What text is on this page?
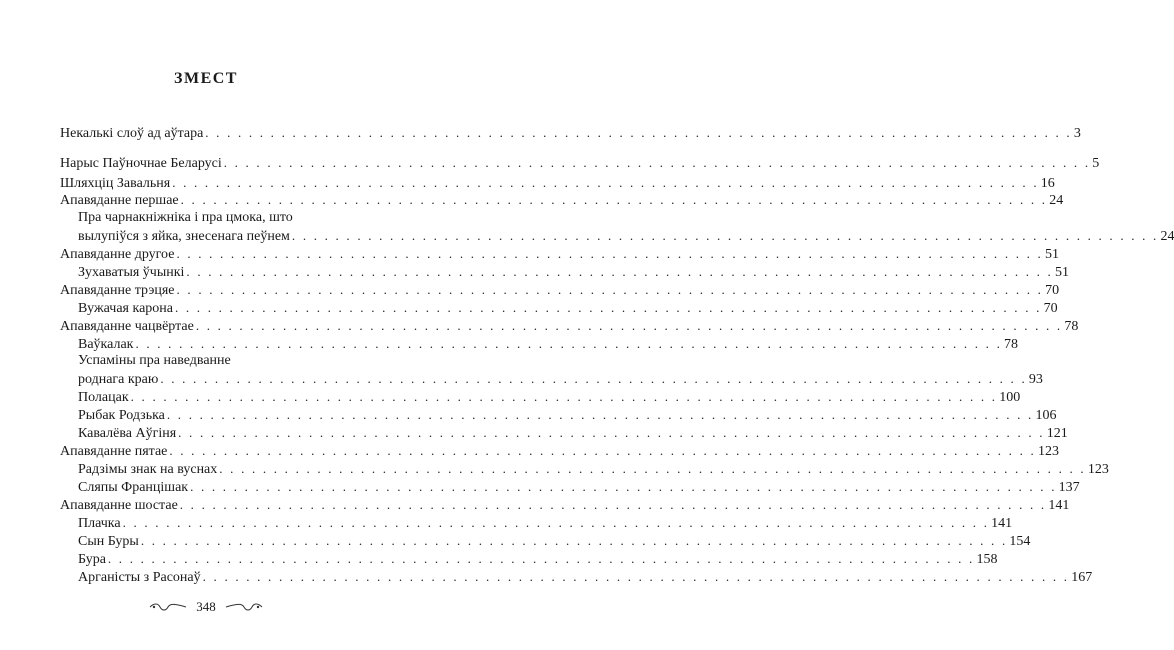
ЗМЕСТ
Некалькі слоў ад аўтара . . . . . . . . . . . . . . . . . . . . . . . . . . . . . . . . . . . . . . . . . . . . . . . . . . . . . . . . . . . . . . . . . . . . . . . . . . . . . . . . 3
Нарыс Паўночнае Беларусі . . . . . . . . . . . . . . . . . . . . . . . . . . . . . . . . . . . . . . . . . . . . . . . . . . . . . . . . . . . . . . . . . . . . . . . . . . . . . . . . 5
Шляхціц Завальня . . . . . . . . . . . . . . . . . . . . . . . . . . . . . . . . . . . . . . . . . . . . . . . . . . . . . . . . . . . . . . . . . . . . . . . . . . . . . . . . 16
Апавяданне першае . . . . . . . . . . . . . . . . . . . . . . . . . . . . . . . . . . . . . . . . . . . . . . . . . . . . . . . . . . . . . . . . . . . . . . . . . . . . . . . . 24
Пра чарнакніжніка і пра цмока, што
вылупіўся з яйка, знесенага пеўнем . . . . . . . . . . . . . . . . . . . . . . . . . . . . . . . . . . . . . . . . . . . . . . . . . . . . . . . . . . . . . . . . . . . . . . . . . . . . . . . . 24
Апавяданне другое . . . . . . . . . . . . . . . . . . . . . . . . . . . . . . . . . . . . . . . . . . . . . . . . . . . . . . . . . . . . . . . . . . . . . . . . . . . . . . . . 51
Зухаватыя ўчынкі . . . . . . . . . . . . . . . . . . . . . . . . . . . . . . . . . . . . . . . . . . . . . . . . . . . . . . . . . . . . . . . . . . . . . . . . . . . . . . . . 51
Апавяданне трэцяе . . . . . . . . . . . . . . . . . . . . . . . . . . . . . . . . . . . . . . . . . . . . . . . . . . . . . . . . . . . . . . . . . . . . . . . . . . . . . . . . 70
Вужачая карона . . . . . . . . . . . . . . . . . . . . . . . . . . . . . . . . . . . . . . . . . . . . . . . . . . . . . . . . . . . . . . . . . . . . . . . . . . . . . . . . 70
Апавяданне чацвёртае . . . . . . . . . . . . . . . . . . . . . . . . . . . . . . . . . . . . . . . . . . . . . . . . . . . . . . . . . . . . . . . . . . . . . . . . . . . . . . . . 78
Ваўкалак . . . . . . . . . . . . . . . . . . . . . . . . . . . . . . . . . . . . . . . . . . . . . . . . . . . . . . . . . . . . . . . . . . . . . . . . . . . . . . . . 78
Успаміны пра наведванне
роднага краю . . . . . . . . . . . . . . . . . . . . . . . . . . . . . . . . . . . . . . . . . . . . . . . . . . . . . . . . . . . . . . . . . . . . . . . . . . . . . . . . 93
Полацак . . . . . . . . . . . . . . . . . . . . . . . . . . . . . . . . . . . . . . . . . . . . . . . . . . . . . . . . . . . . . . . . . . . . . . . . . . . . . . . . 100
Рыбак Родзька . . . . . . . . . . . . . . . . . . . . . . . . . . . . . . . . . . . . . . . . . . . . . . . . . . . . . . . . . . . . . . . . . . . . . . . . . . . . . . . . 106
Кавалёва Аўгіня . . . . . . . . . . . . . . . . . . . . . . . . . . . . . . . . . . . . . . . . . . . . . . . . . . . . . . . . . . . . . . . . . . . . . . . . . . . . . . . . 121
Апавяданне пятае . . . . . . . . . . . . . . . . . . . . . . . . . . . . . . . . . . . . . . . . . . . . . . . . . . . . . . . . . . . . . . . . . . . . . . . . . . . . . . . . 123
Радзімы знак на вуснах . . . . . . . . . . . . . . . . . . . . . . . . . . . . . . . . . . . . . . . . . . . . . . . . . . . . . . . . . . . . . . . . . . . . . . . . . . . . . . . . 123
Сляпы Францішак . . . . . . . . . . . . . . . . . . . . . . . . . . . . . . . . . . . . . . . . . . . . . . . . . . . . . . . . . . . . . . . . . . . . . . . . . . . . . . . . 137
Апавяданне шостае . . . . . . . . . . . . . . . . . . . . . . . . . . . . . . . . . . . . . . . . . . . . . . . . . . . . . . . . . . . . . . . . . . . . . . . . . . . . . . . . 141
Плачка . . . . . . . . . . . . . . . . . . . . . . . . . . . . . . . . . . . . . . . . . . . . . . . . . . . . . . . . . . . . . . . . . . . . . . . . . . . . . . . . 141
Сын Буры . . . . . . . . . . . . . . . . . . . . . . . . . . . . . . . . . . . . . . . . . . . . . . . . . . . . . . . . . . . . . . . . . . . . . . . . . . . . . . . . 154
Бура . . . . . . . . . . . . . . . . . . . . . . . . . . . . . . . . . . . . . . . . . . . . . . . . . . . . . . . . . . . . . . . . . . . . . . . . . . . . . . . . 158
Арганісты з Расонаў . . . . . . . . . . . . . . . . . . . . . . . . . . . . . . . . . . . . . . . . . . . . . . . . . . . . . . . . . . . . . . . . . . . . . . . . . . . . . . . . 167
348
